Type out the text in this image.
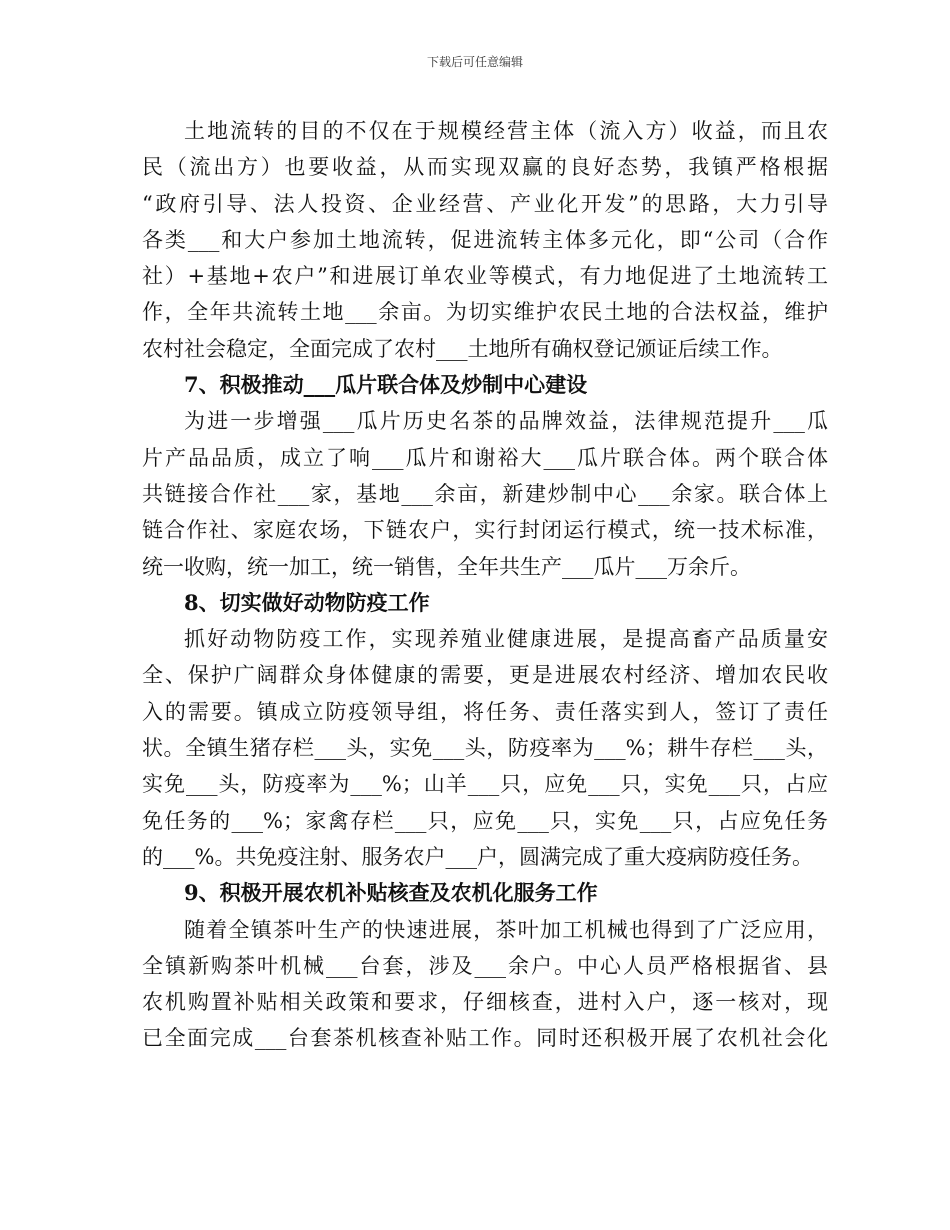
下载后可任意编辑
土地流转的目的不仅在于规模经营主体（流入方）收益，而且农
民（流出方）也要收益，从而实现双赢的良好态势，我镇严格根据
“政府引导、法人投资、企业经营、产业化开发”的思路，大力引导
各类___和大户参加土地流转，促进流转主体多元化，即“公司（合作
社）+基地+农户”和进展订单农业等模式，有力地促进了土地流转工
作，全年共流转土地___余亩。为切实维护农民土地的合法权益，维护
农村社会稳定，全面完成了农村___土地所有确权登记颁证后续工作。
7、积极推动___瓜片联合体及炒制中心建设
为进一步增强___瓜片历史名茶的品牌效益，法律规范提升___瓜
片产品品质，成立了响___瓜片和谢裕大___瓜片联合体。两个联合体
共链接合作社___家，基地___余亩，新建炒制中心___余家。联合体上
链合作社、家庭农场，下链农户，实行封闭运行模式，统一技术标准，
统一收购，统一加工，统一销售，全年共生产___瓜片___万余斤。
8、切实做好动物防疫工作
抓好动物防疫工作，实现养殖业健康进展，是提高畜产品质量安
全、保护广阔群众身体健康的需要，更是进展农村经济、增加农民收
入的需要。镇成立防疫领导组，将任务、责任落实到人，签订了责任
状。全镇生猪存栏___头，实免___头，防疫率为___%；耕牛存栏___头，
实免___头，防疫率为___%；山羊___只，应免___只，实免___只，占应
免任务的___%；家禽存栏___只，应免___只，实免___只，占应免任务
的___%。共免疫注射、服务农户___户，圆满完成了重大疫病防疫任务。
9、积极开展农机补贴核查及农机化服务工作
随着全镇茶叶生产的快速进展，茶叶加工机械也得到了广泛应用，
全镇新购茶叶机械___台套，涉及___余户。中心人员严格根据省、县
农机购置补贴相关政策和要求，仔细核查，进村入户，逐一核对，现
已全面完成___台套茶机核查补贴工作。同时还积极开展了农机社会化
